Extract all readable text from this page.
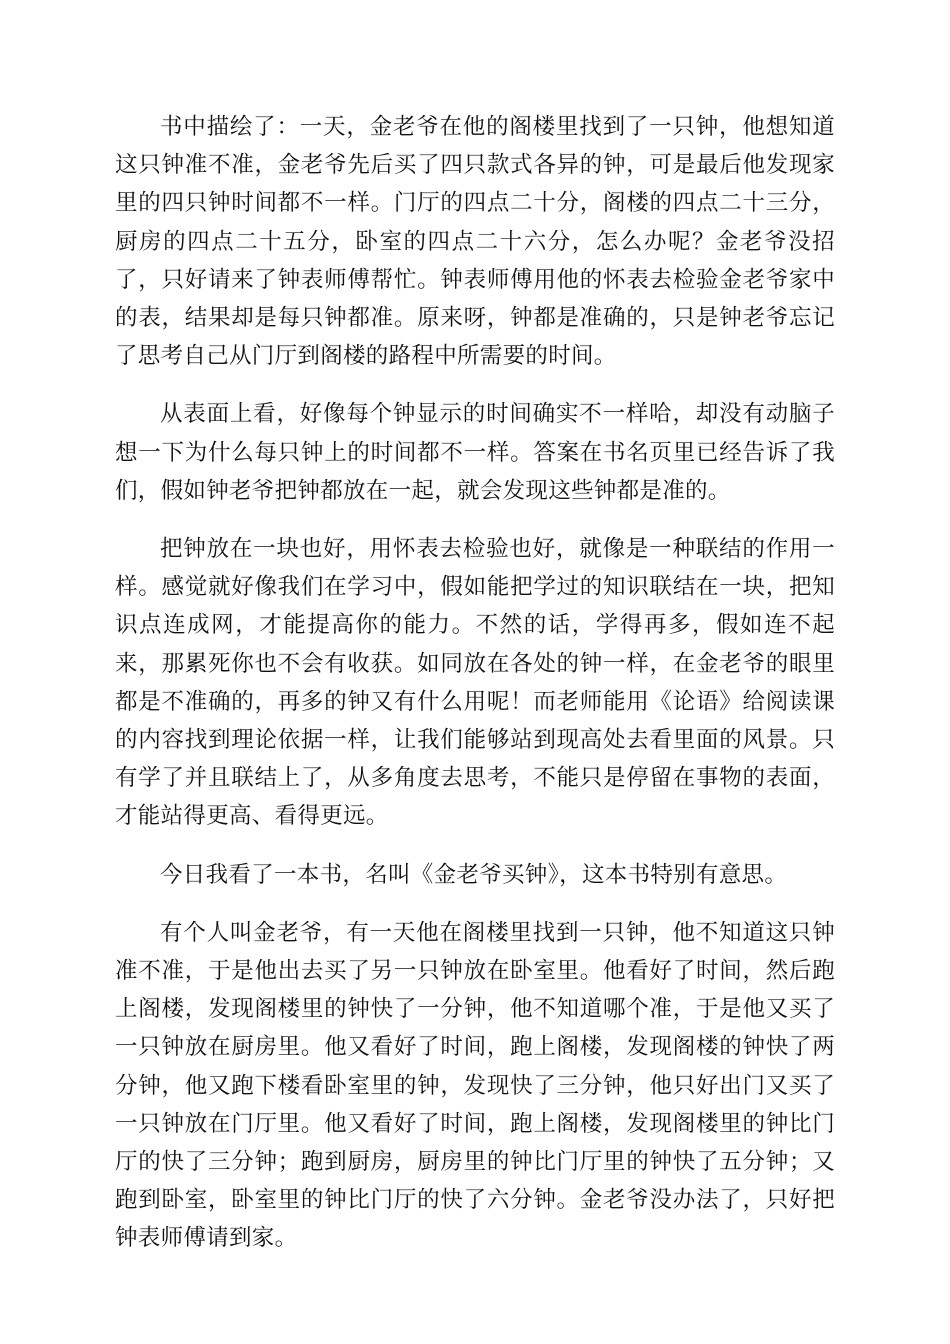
书中描绘了：一天，金老爷在他的阁楼里找到了一只钟，他想知道这只钟准不准，金老爷先后买了四只款式各异的钟，可是最后他发现家里的四只钟时间都不一样。门厅的四点二十分，阁楼的四点二十三分，厨房的四点二十五分，卧室的四点二十六分，怎么办呢？金老爷没招了，只好请来了钟表师傅帮忙。钟表师傅用他的怀表去检验金老爷家中的表，结果却是每只钟都准。原来呀，钟都是准确的，只是钟老爷忘记了思考自己从门厅到阁楼的路程中所需要的时间。

从表面上看，好像每个钟显示的时间确实不一样哈，却没有动脑子想一下为什么每只钟上的时间都不一样。答案在书名页里已经告诉了我们，假如钟老爷把钟都放在一起，就会发现这些钟都是准的。

把钟放在一块也好，用怀表去检验也好，就像是一种联结的作用一样。感觉就好像我们在学习中，假如能把学过的知识联结在一块，把知识点连成网，才能提高你的能力。不然的话，学得再多，假如连不起来，那累死你也不会有收获。如同放在各处的钟一样，在金老爷的眼里都是不准确的，再多的钟又有什么用呢！而老师能用《论语》给阅读课的内容找到理论依据一样，让我们能够站到现高处去看里面的风景。只有学了并且联结上了，从多角度去思考，不能只是停留在事物的表面，才能站得更高、看得更远。

今日我看了一本书，名叫《金老爷买钟》，这本书特别有意思。

有个人叫金老爷，有一天他在阁楼里找到一只钟，他不知道这只钟准不准，于是他出去买了另一只钟放在卧室里。他看好了时间，然后跑上阁楼，发现阁楼里的钟快了一分钟，他不知道哪个准，于是他又买了一只钟放在厨房里。他又看好了时间，跑上阁楼，发现阁楼的钟快了两分钟，他又跑下楼看卧室里的钟，发现快了三分钟，他只好出门又买了一只钟放在门厅里。他又看好了时间，跑上阁楼，发现阁楼里的钟比门厅的快了三分钟；跑到厨房，厨房里的钟比门厅里的钟快了五分钟；又跑到卧室，卧室里的钟比门厅的快了六分钟。金老爷没办法了，只好把钟表师傅请到家。
